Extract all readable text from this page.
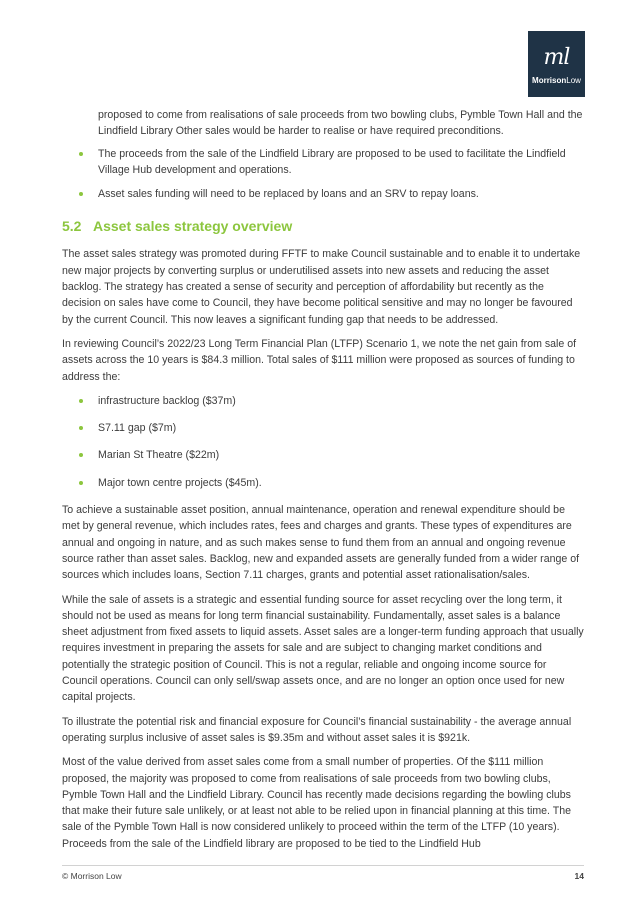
ml
MorrisonLow

proposed to come from realisations of sale proceeds from two bowling clubs, Pymble Town Hall and the Lindfield Library Other sales would be harder to realise or have required preconditions.

The proceeds from the sale of the Lindfield Library are proposed to be used to facilitate the Lindfield Village Hub development and operations.
Asset sales funding will need to be replaced by loans and an SRV to repay loans.
5.2 Asset sales strategy overview

The asset sales strategy was promoted during FFTF to make Council sustainable and to enable it to undertake new major projects by converting surplus or underutilised assets into new assets and reducing the asset backlog. The strategy has created a sense of security and perception of affordability but recently as the decision on sales have come to Council, they have become political sensitive and may no longer be favoured by the current Council. This now leaves a significant funding gap that needs to be addressed.

In reviewing Council’s 2022/23 Long Term Financial Plan (LTFP) Scenario 1, we note the net gain from sale of assets across the 10 years is $84.3 million. Total sales of $111 million were proposed as sources of funding to address the:

infrastructure backlog ($37m)
S7.11 gap ($7m)
Marian St Theatre ($22m)
Major town centre projects ($45m).

To achieve a sustainable asset position, annual maintenance, operation and renewal expenditure should be met by general revenue, which includes rates, fees and charges and grants. These types of expenditures are annual and ongoing in nature, and as such makes sense to fund them from an annual and ongoing revenue source rather than asset sales. Backlog, new and expanded assets are generally funded from a wider range of sources which includes loans, Section 7.11 charges, grants and potential asset rationalisation/sales.

While the sale of assets is a strategic and essential funding source for asset recycling over the long term, it should not be used as means for long term financial sustainability. Fundamentally, asset sales is a balance sheet adjustment from fixed assets to liquid assets. Asset sales are a longer-term funding approach that usually requires investment in preparing the assets for sale and are subject to changing market conditions and potentially the strategic position of Council. This is not a regular, reliable and ongoing income source for Council operations. Council can only sell/swap assets once, and are no longer an option once used for new capital projects.

To illustrate the potential risk and financial exposure for Council’s financial sustainability - the average annual operating surplus inclusive of asset sales is $9.35m and without asset sales it is $921k.

Most of the value derived from asset sales come from a small number of properties. Of the $111 million proposed, the majority was proposed to come from realisations of sale proceeds from two bowling clubs, Pymble Town Hall and the Lindfield Library. Council has recently made decisions regarding the bowling clubs that make their future sale unlikely, or at least not able to be relied upon in financial planning at this time. The sale of the Pymble Town Hall is now considered unlikely to proceed within the term of the LTFP (10 years). Proceeds from the sale of the Lindfield library are proposed to be tied to the Lindfield Hub

© Morrison Low	14
